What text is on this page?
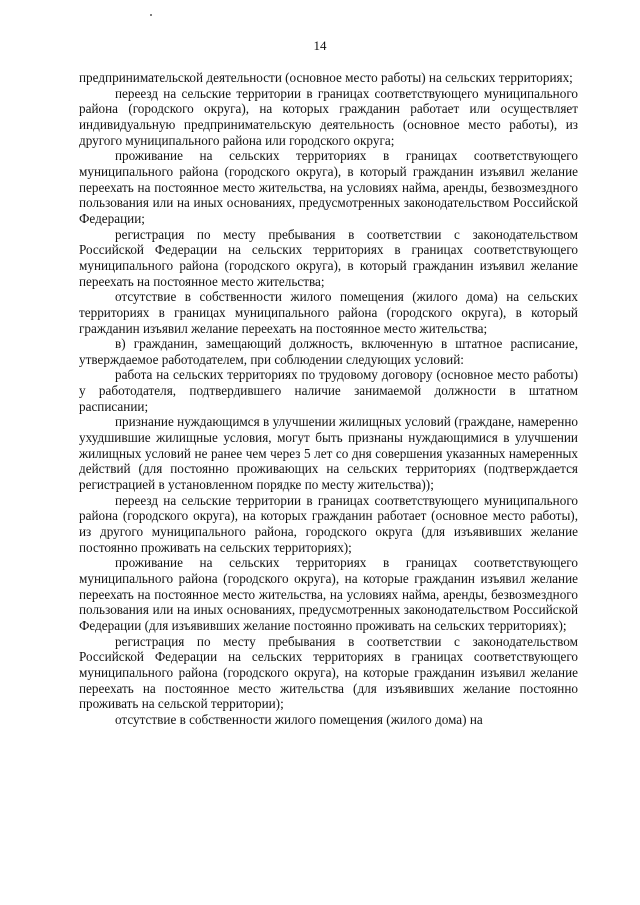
14

предпринимательской деятельности (основное место работы) на сельских территориях;

переезд на сельские территории в границах соответствующего муниципального района (городского округа), на которых гражданин работает или осуществляет индивидуальную предпринимательскую деятельность (основное место работы), из другого муниципального района или городского округа;

проживание на сельских территориях в границах соответствующего муниципального района (городского округа), в который гражданин изъявил желание переехать на постоянное место жительства, на условиях найма, аренды, безвозмездного пользования или на иных основаниях, предусмотренных законодательством Российской Федерации;

регистрация по месту пребывания в соответствии с законодательством Российской Федерации на сельских территориях в границах соответствующего муниципального района (городского округа), в который гражданин изъявил желание переехать на постоянное место жительства;

отсутствие в собственности жилого помещения (жилого дома) на сельских территориях в границах муниципального района (городского округа), в который гражданин изъявил желание переехать на постоянное место жительства;

в) гражданин, замещающий должность, включенную в штатное расписание, утверждаемое работодателем, при соблюдении следующих условий:

работа на сельских территориях по трудовому договору (основное место работы) у работодателя, подтвердившего наличие занимаемой должности в штатном расписании;

признание нуждающимся в улучшении жилищных условий (граждане, намеренно ухудшившие жилищные условия, могут быть признаны нуждающимися в улучшении жилищных условий не ранее чем через 5 лет со дня совершения указанных намеренных действий (для постоянно проживающих на сельских территориях (подтверждается регистрацией в установленном порядке по месту жительства));

переезд на сельские территории в границах соответствующего муниципального района (городского округа), на которых гражданин работает (основное место работы), из другого муниципального района, городского округа (для изъявивших желание постоянно проживать на сельских территориях);

проживание на сельских территориях в границах соответствующего муниципального района (городского округа), на которые гражданин изъявил желание переехать на постоянное место жительства, на условиях найма, аренды, безвозмездного пользования или на иных основаниях, предусмотренных законодательством Российской Федерации (для изъявивших желание постоянно проживать на сельских территориях);

регистрация по месту пребывания в соответствии с законодательством Российской Федерации на сельских территориях в границах соответствующего муниципального района (городского округа), на которые гражданин изъявил желание переехать на постоянное место жительства (для изъявивших желание постоянно проживать на сельской территории);

отсутствие в собственности жилого помещения (жилого дома) на
